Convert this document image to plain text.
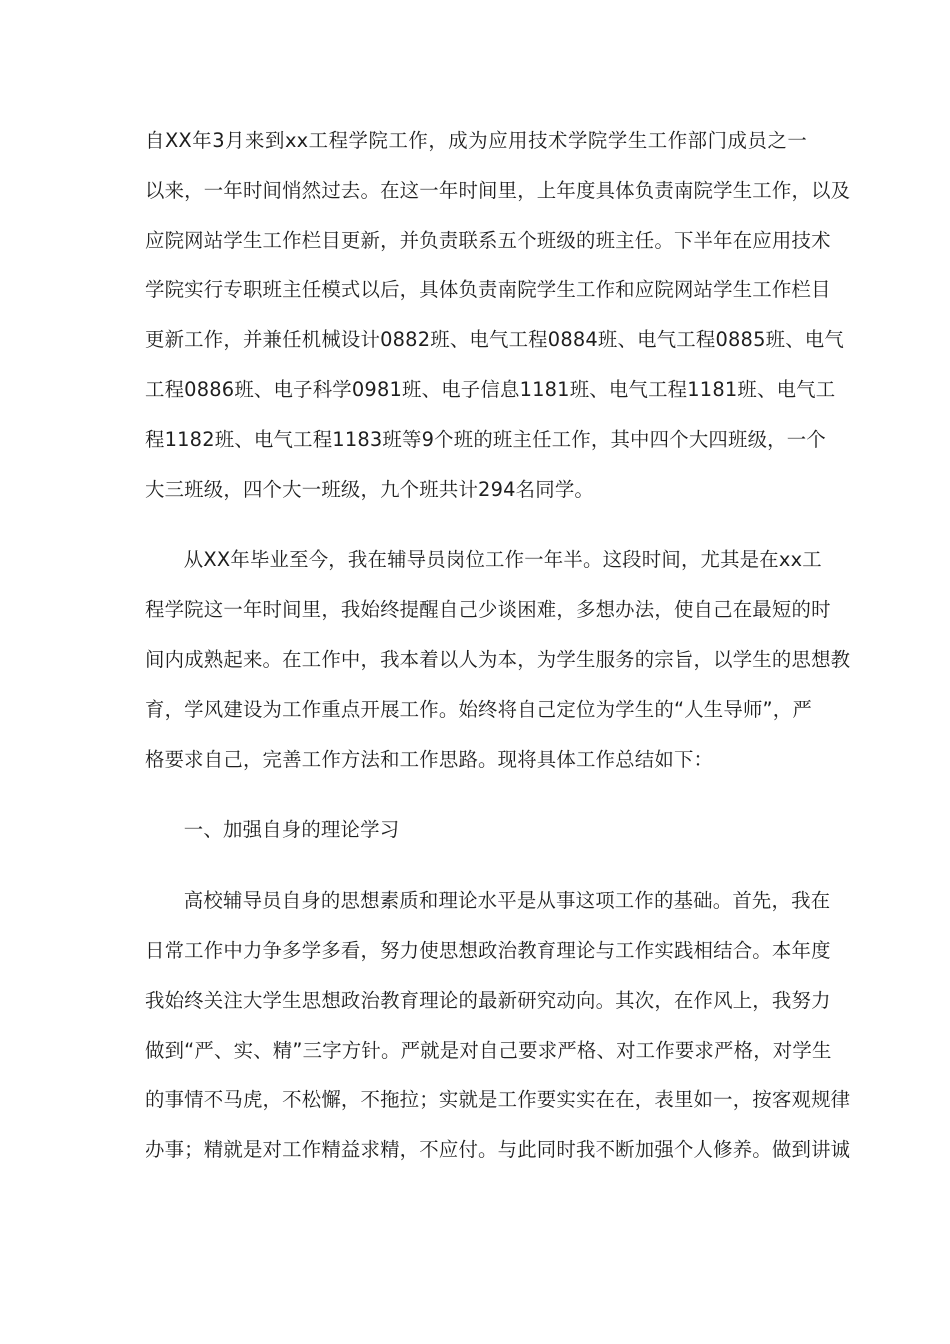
自XX年3月来到xx工程学院工作，成为应用技术学院学生工作部门成员之一
以来，一年时间悄然过去。在这一年时间里，上年度具体负责南院学生工作，以及
应院网站学生工作栏目更新，并负责联系五个班级的班主任。下半年在应用技术
学院实行专职班主任模式以后，具体负责南院学生工作和应院网站学生工作栏目
更新工作，并兼任机械设计0882班、电气工程0884班、电气工程0885班、电气
工程0886班、电子科学0981班、电子信息1181班、电气工程1181班、电气工
程1182班、电气工程1183班等9个班的班主任工作，其中四个大四班级，一个
大三班级，四个大一班级，九个班共计294名同学。
从XX年毕业至今，我在辅导员岗位工作一年半。这段时间，尤其是在xx工
程学院这一年时间里，我始终提醒自己少谈困难，多想办法，使自己在最短的时
间内成熟起来。在工作中，我本着以人为本，为学生服务的宗旨，以学生的思想教
育，学风建设为工作重点开展工作。始终将自己定位为学生的“人生导师”，严
格要求自己，完善工作方法和工作思路。现将具体工作总结如下：
一、加强自身的理论学习
高校辅导员自身的思想素质和理论水平是从事这项工作的基础。首先，我在
日常工作中力争多学多看，努力使思想政治教育理论与工作实践相结合。本年度
我始终关注大学生思想政治教育理论的最新研究动向。其次，在作风上，我努力
做到“严、实、精”三字方针。严就是对自己要求严格、对工作要求严格，对学生
的事情不马虎，不松懈，不拖拉；实就是工作要实实在在，表里如一，按客观规律
办事；精就是对工作精益求精，不应付。与此同时我不断加强个人修养。做到讲诚
